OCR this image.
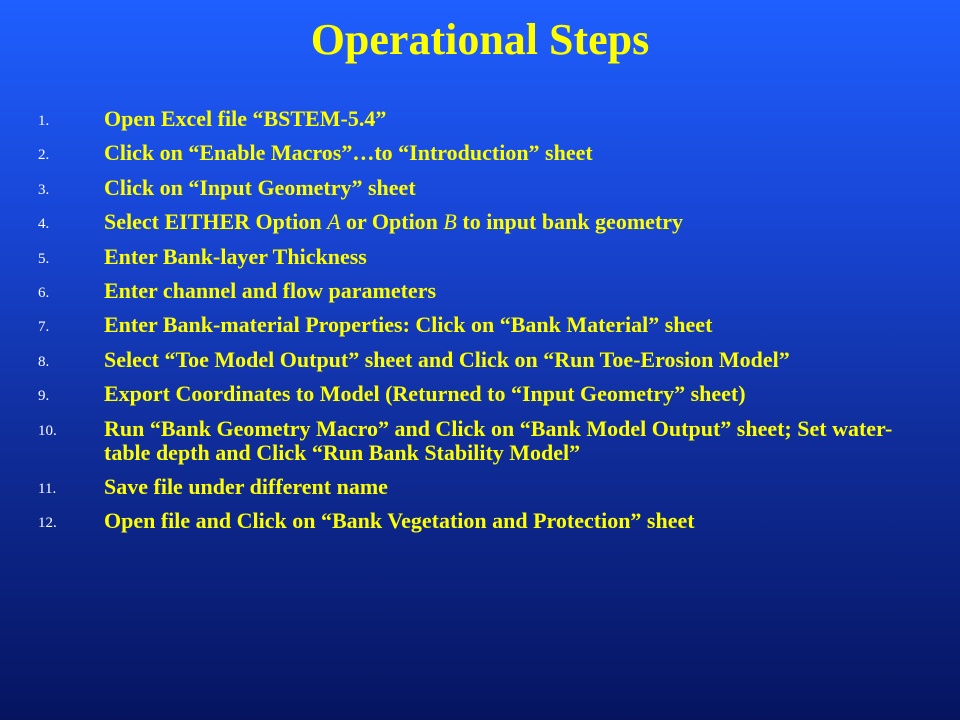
Operational Steps
1. Open Excel file “BSTEM-5.4”
2. Click on “Enable Macros”…to “Introduction” sheet
3. Click on “Input Geometry” sheet
4. Select EITHER Option A or Option B to input bank geometry
5. Enter Bank-layer Thickness
6. Enter channel and flow parameters
7. Enter Bank-material Properties: Click on “Bank Material” sheet
8. Select “Toe Model Output” sheet and Click on “Run Toe-Erosion Model”
9. Export Coordinates to Model (Returned to “Input Geometry” sheet)
10. Run “Bank Geometry Macro” and Click on “Bank Model Output” sheet; Set water-table depth and Click “Run Bank Stability Model”
11. Save file under different name
12. Open file and Click on “Bank Vegetation and Protection” sheet
